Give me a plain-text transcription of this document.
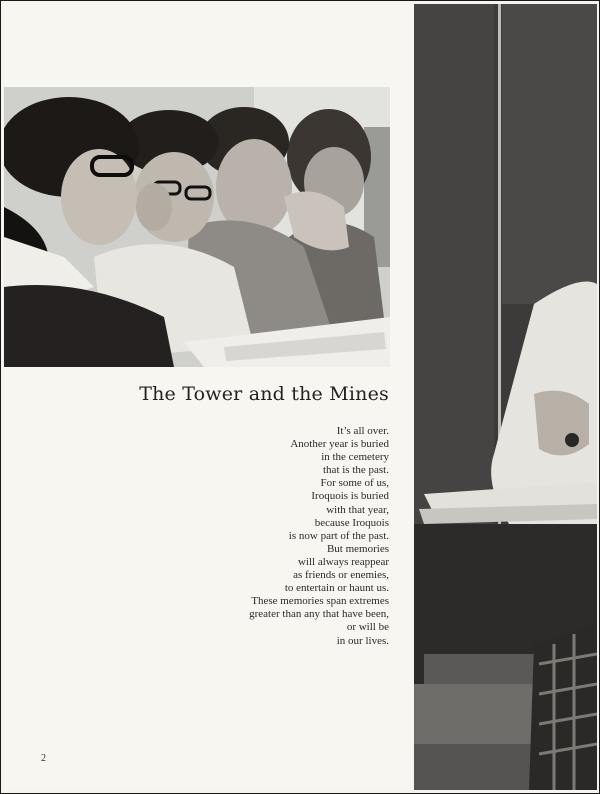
The Tower and the Mines
It’s all over.
Another year is buried
in the cemetery
that is the past.
For some of us,
Iroquois is buried
with that year,
because Iroquois
is now part of the past.
But memories
will always reappear
as friends or enemies,
to entertain or haunt us.
These memories span extremes
greater than any that have been,
or will be
in our lives.
2
